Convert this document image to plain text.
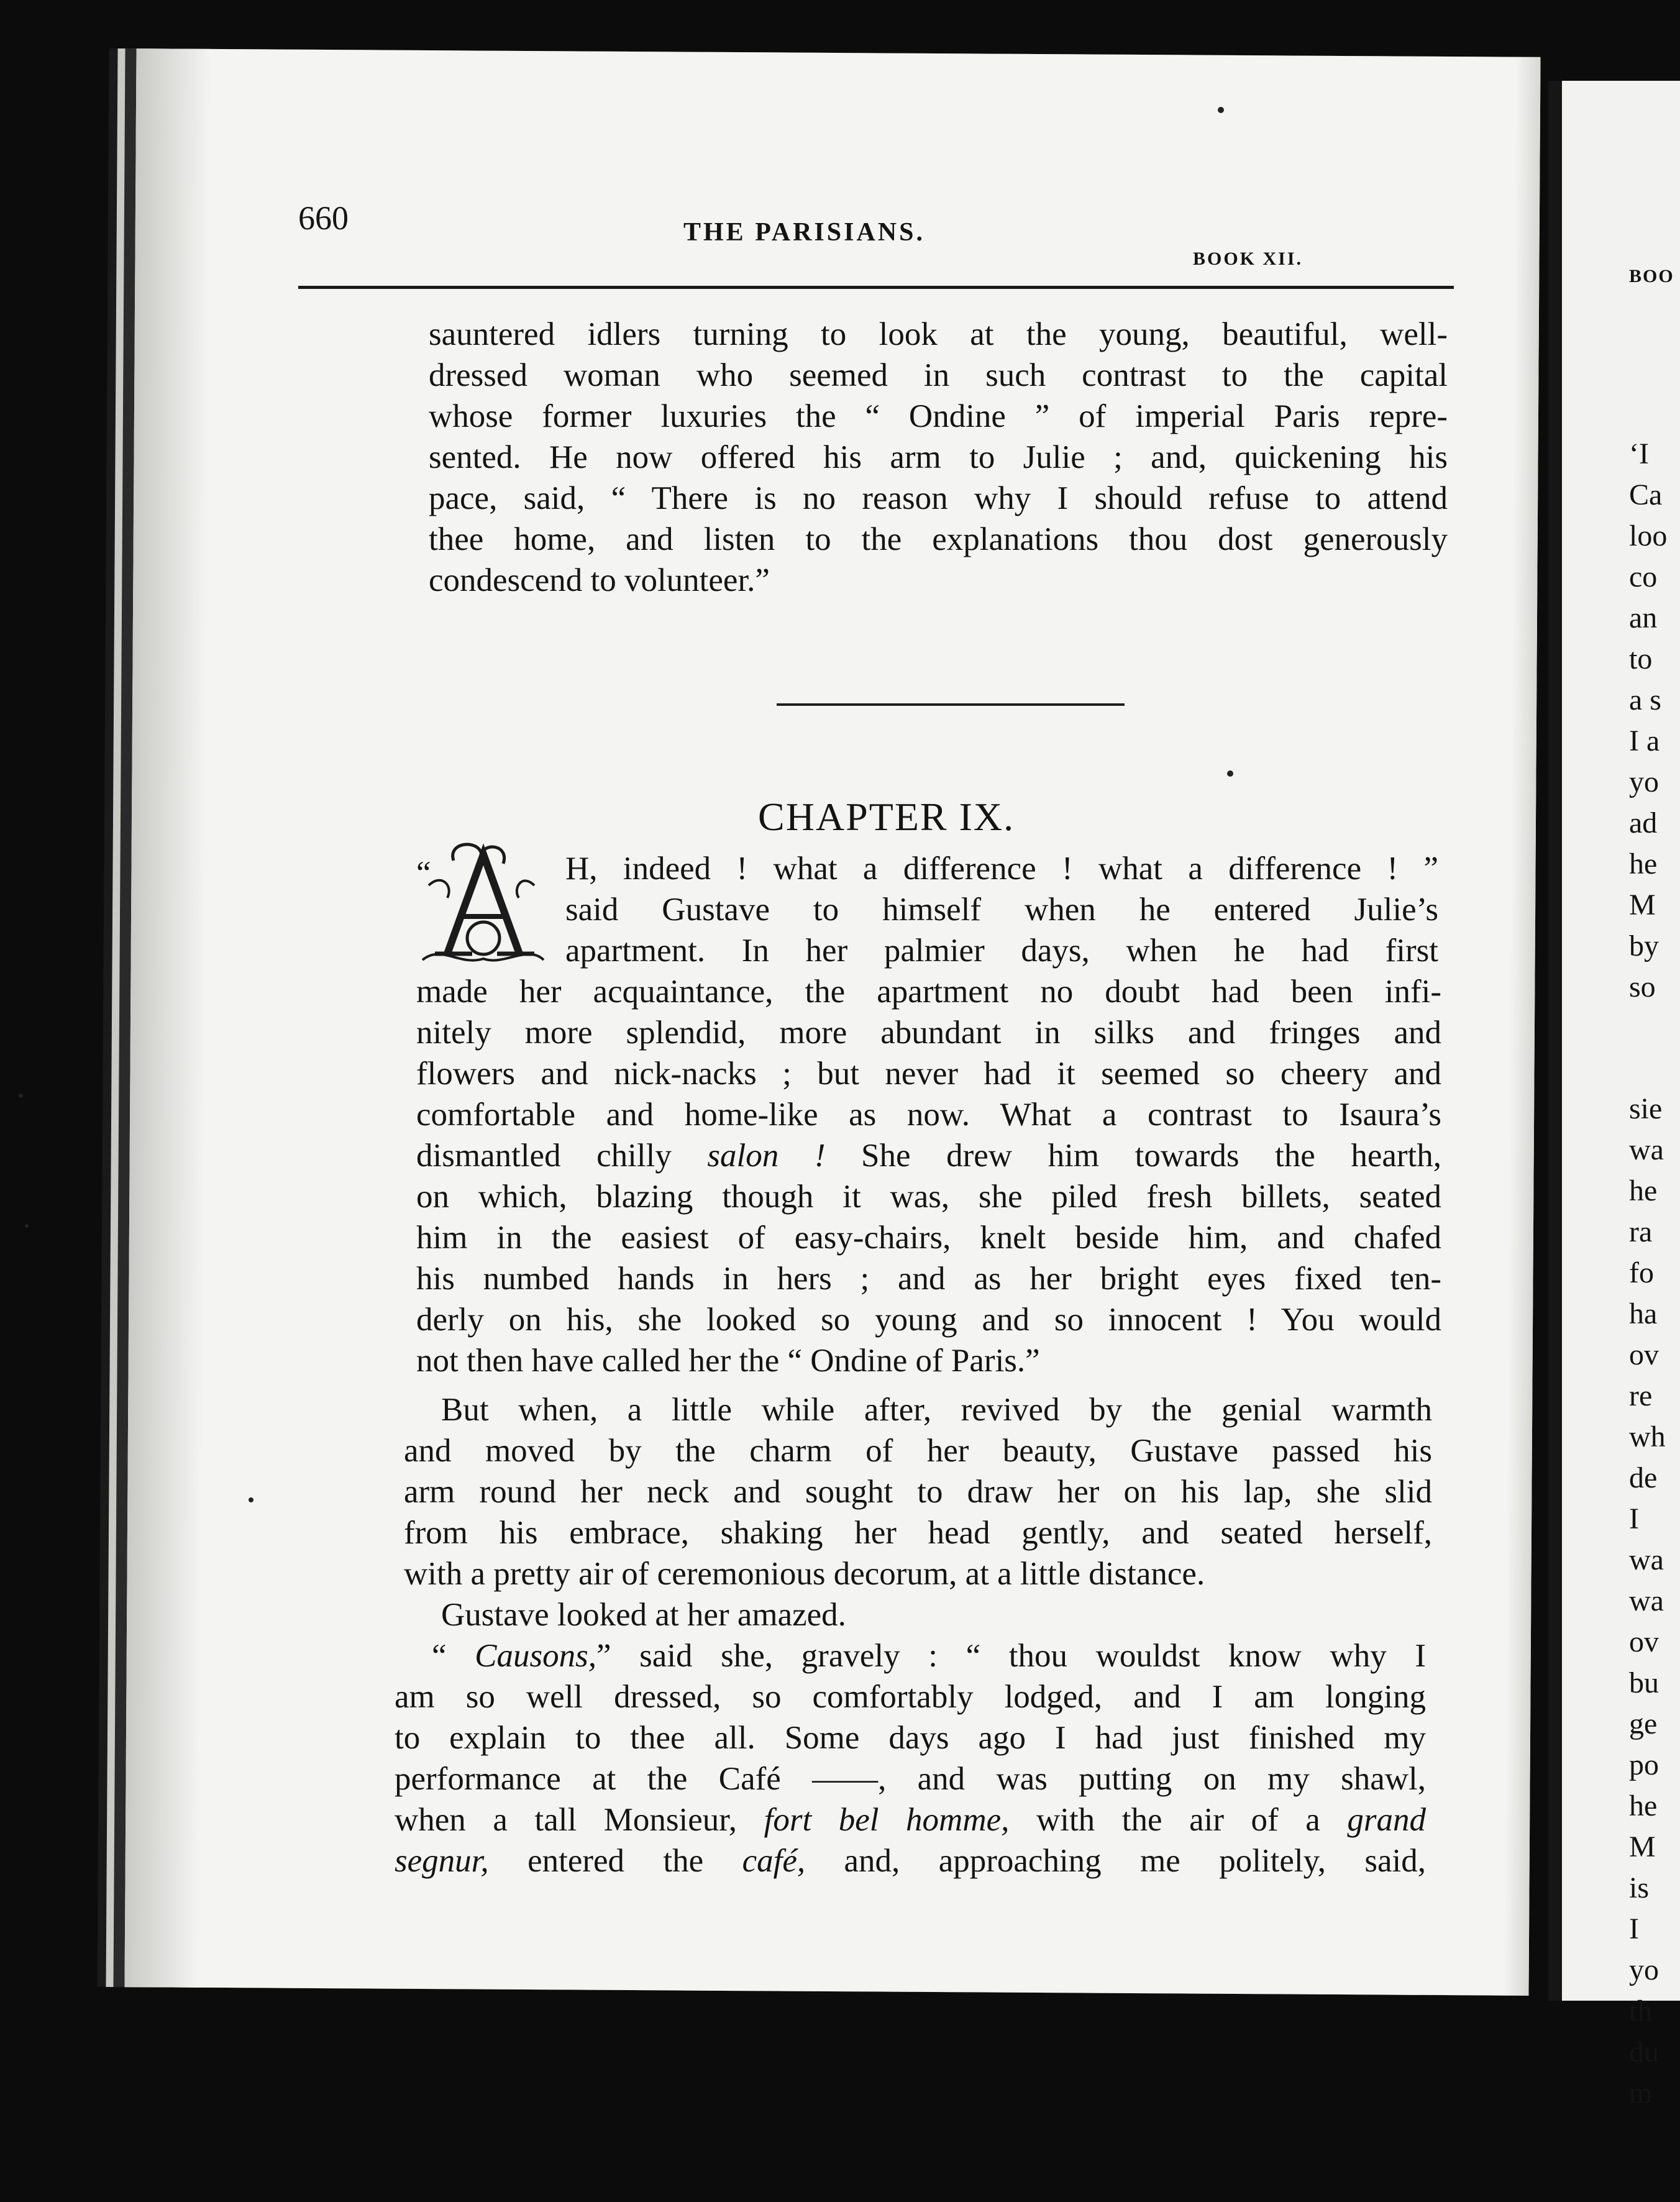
BOO
‘I
Ca
loo
co
an
to
a s
I a
yo
ad
he
M
by
so
sie
wa
he
ra
fo
ha
ov
re
wh
de
I
wa
wa
ov
bu
ge
po
he
M
is
I
yo
th
du
m
660	THE PARISIANS.
BOOK XII.
sauntered idlers turning to look at the young, beautiful, well-
dressed woman who seemed in such contrast to the capital
whose former luxuries the “ Ondine ” of imperial Paris repre-
sented. He now offered his arm to Julie ; and, quickening his
pace, said, “ There is no reason why I should refuse to attend
thee home, and listen to the explanations thou dost generously
condescend to volunteer.”
CHAPTER IX.
“	H, indeed ! what a difference ! what a difference ! ”
said Gustave to himself when he entered Julie’s
apartment. In her palmier days, when he had first
made her acquaintance, the apartment no doubt had been infi-
nitely more splendid, more abundant in silks and fringes and
flowers and nick-nacks ; but never had it seemed so cheery and
comfortable and home-like as now. What a contrast to Isaura’s
dismantled chilly salon ! She drew him towards the hearth,
on which, blazing though it was, she piled fresh billets, seated
him in the easiest of easy-chairs, knelt beside him, and chafed
his numbed hands in hers ; and as her bright eyes fixed ten-
derly on his, she looked so young and so innocent ! You would
not then have called her the “ Ondine of Paris.”
But when, a little while after, revived by the genial warmth
and moved by the charm of her beauty, Gustave passed his
arm round her neck and sought to draw her on his lap, she slid
from his embrace, shaking her head gently, and seated herself,
with a pretty air of ceremonious decorum, at a little distance.
Gustave looked at her amazed.
“ Causons,” said she, gravely : “ thou wouldst know why I
am so well dressed, so comfortably lodged, and I am longing
to explain to thee all. Some days ago I had just finished my
performance at the Café ——, and was putting on my shawl,
when a tall Monsieur, fort bel homme, with the air of a grand
segnur, entered the café, and, approaching me politely, said,
